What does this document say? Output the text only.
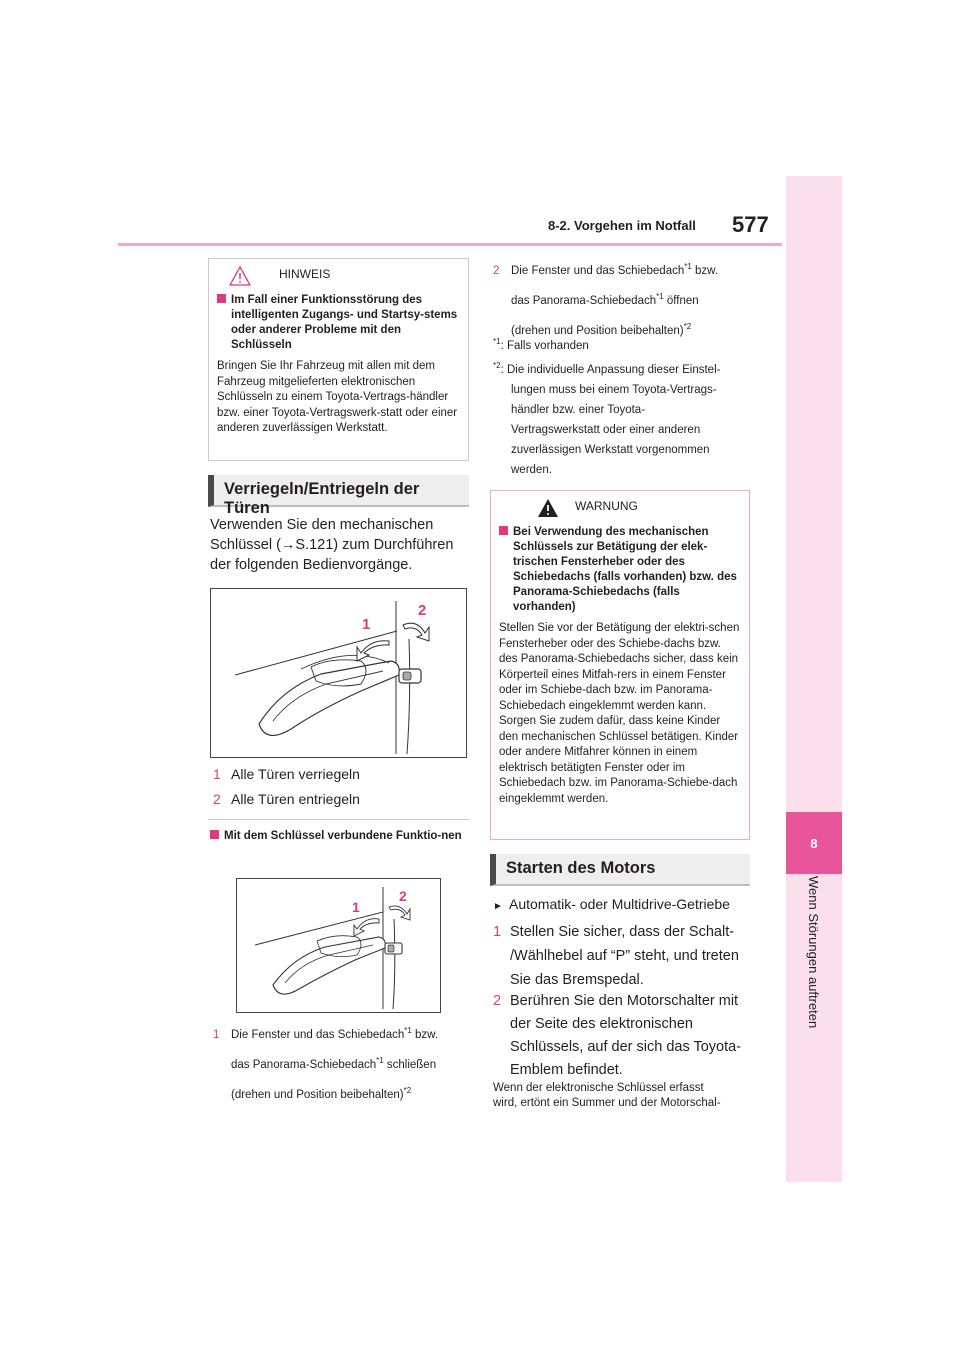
8-2. Vorgehen im Notfall 577
8
Wenn Störungen auftreten
HINWEIS
Im Fall einer Funktionsstörung des intelligenten Zugangs- und Startsy-stems oder anderer Probleme mit den Schlüsseln
Bringen Sie Ihr Fahrzeug mit allen mit dem Fahrzeug mitgelieferten elektronischen Schlüsseln zu einem Toyota-Vertrags-händler bzw. einer Toyota-Vertragswerk-statt oder einer anderen zuverlässigen Werkstatt.
Verriegeln/Entriegeln der Türen
Verwenden Sie den mechanischen
Schlüssel (→S.121) zum Durchführen
der folgenden Bedienvorgänge.
1
2
1 Alle Türen verriegeln
2 Alle Türen entriegeln
Mit dem Schlüssel verbundene Funktio-nen
1
2
1 Die Fenster und das Schiebedach$^{*1}$ bzw.
das Panorama-Schiebedach$^{*1}$ schließen
(drehen und Position beibehalten)$^{*2}$
2 Die Fenster und das Schiebedach$^{*1}$ bzw.
das Panorama-Schiebedach$^{*1}$ öffnen
(drehen und Position beibehalten)$^{*2}$
$^{*1}$: Falls vorhanden
$^{*2}$: Die individuelle Anpassung dieser Einstel-
lungen muss bei einem Toyota-Vertrags-
händler bzw. einer Toyota-
Vertragswerkstatt oder einer anderen
zuverlässigen Werkstatt vorgenommen
werden.
WARNUNG
Bei Verwendung des mechanischen Schlüssels zur Betätigung der elek-trischen Fensterheber oder des Schiebedachs (falls vorhanden) bzw. des Panorama-Schiebedachs (falls vorhanden)
Stellen Sie vor der Betätigung der elektri-schen Fensterheber oder des Schiebe-dachs bzw. des Panorama-Schiebedachs sicher, dass kein Körperteil eines Mitfah-rers in einem Fenster oder im Schiebe-dach bzw. im Panorama-Schiebedach eingeklemmt werden kann. Sorgen Sie zudem dafür, dass keine Kinder den mechanischen Schlüssel betätigen. Kinder oder andere Mitfahrer können in einem elektrisch betätigten Fenster oder im Schiebedach bzw. im Panorama-Schiebe-dach eingeklemmt werden.
Starten des Motors
► Automatik- oder Multidrive-Getriebe
1 Stellen Sie sicher, dass der Schalt-
/Wählhebel auf “P” steht, und treten
Sie das Bremspedal.
2 Berühren Sie den Motorschalter mit
der Seite des elektronischen
Schlüssels, auf der sich das Toyota-
Emblem befindet.
Wenn der elektronische Schlüssel erfasst
wird, ertönt ein Summer und der Motorschal-
